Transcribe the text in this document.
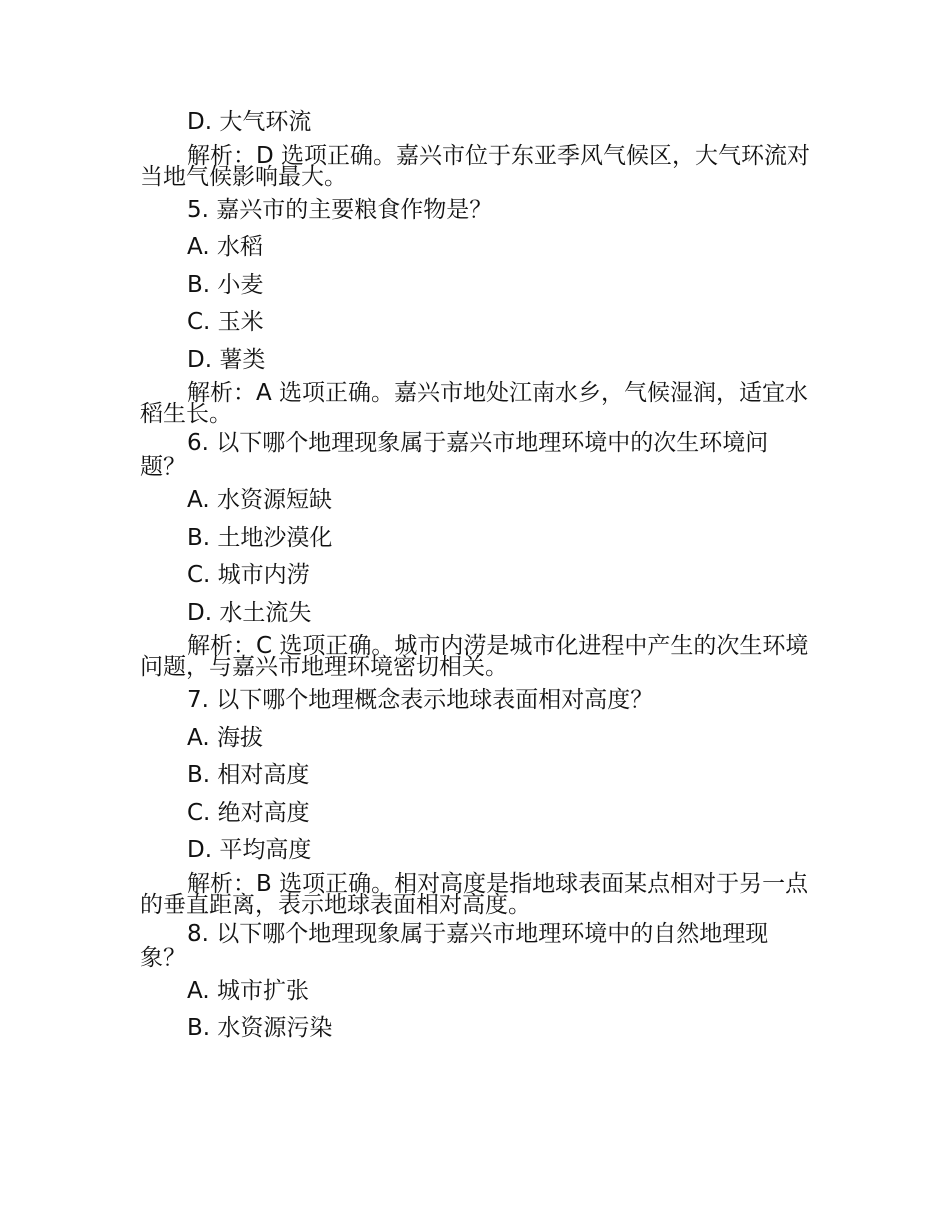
D. 大气环流
解析：D 选项正确。嘉兴市位于东亚季风气候区，大气环流对当地气候影响最大。
5. 嘉兴市的主要粮食作物是？
A. 水稻
B. 小麦
C. 玉米
D. 薯类
解析：A 选项正确。嘉兴市地处江南水乡，气候湿润，适宜水稻生长。
6. 以下哪个地理现象属于嘉兴市地理环境中的次生环境问题？
A. 水资源短缺
B. 土地沙漠化
C. 城市内涝
D. 水土流失
解析：C 选项正确。城市内涝是城市化进程中产生的次生环境问题，与嘉兴市地理环境密切相关。
7. 以下哪个地理概念表示地球表面相对高度？
A. 海拔
B. 相对高度
C. 绝对高度
D. 平均高度
解析：B 选项正确。相对高度是指地球表面某点相对于另一点的垂直距离，表示地球表面相对高度。
8. 以下哪个地理现象属于嘉兴市地理环境中的自然地理现象？
A. 城市扩张
B. 水资源污染
